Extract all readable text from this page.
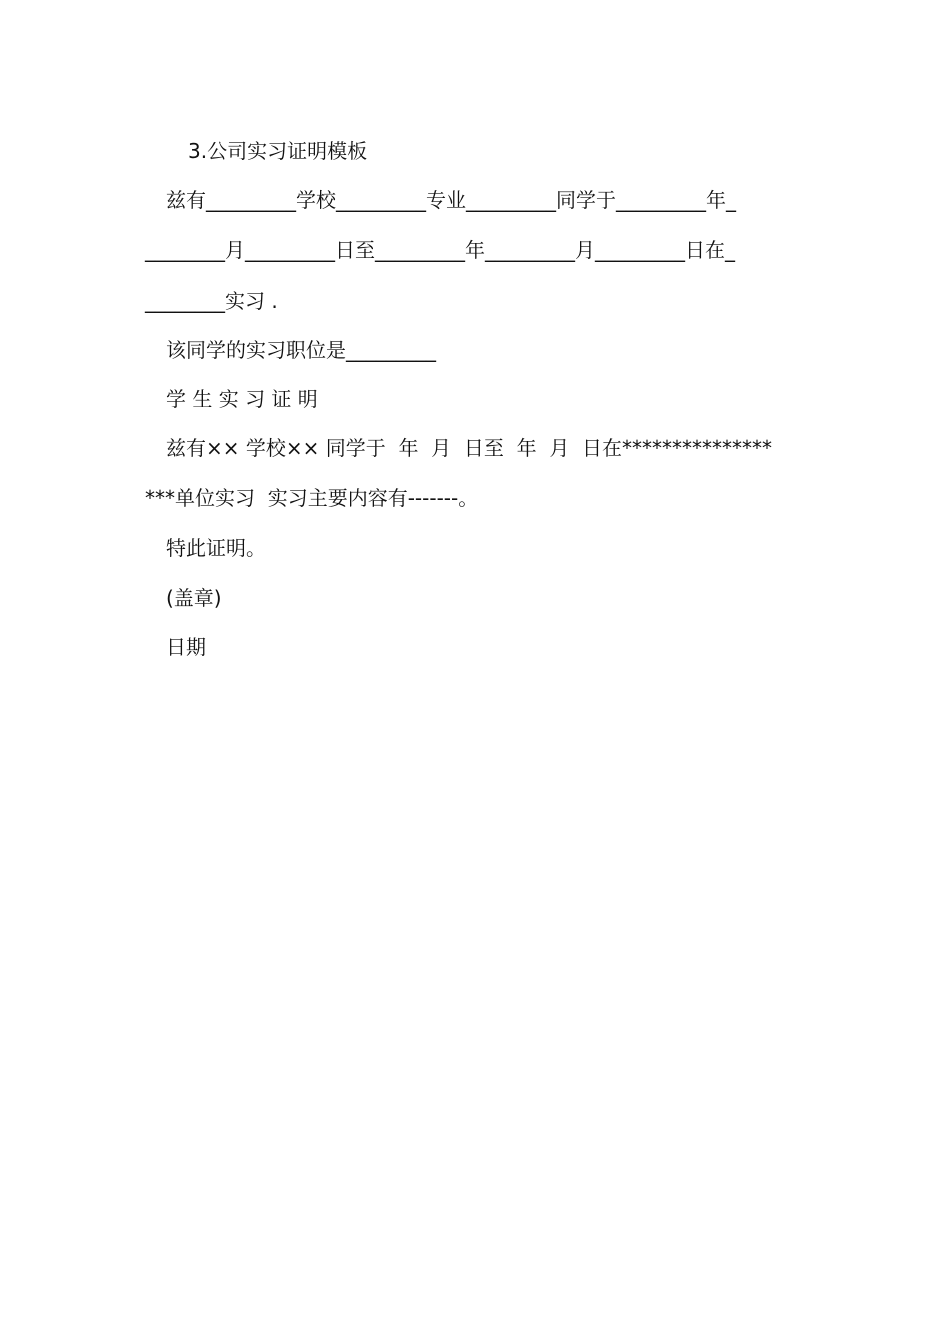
3.公司实习证明模板
兹有_________学校_________专业_________同学于_________年_
________月_________日至_________年_________月_________日在_
________实习 .
该同学的实习职位是_________
学 生 实 习 证 明
兹有×× 学校×× 同学于  年  月  日至  年  月  日在***************
***单位实习  实习主要内容有-------。
特此证明。
(盖章)
日期
